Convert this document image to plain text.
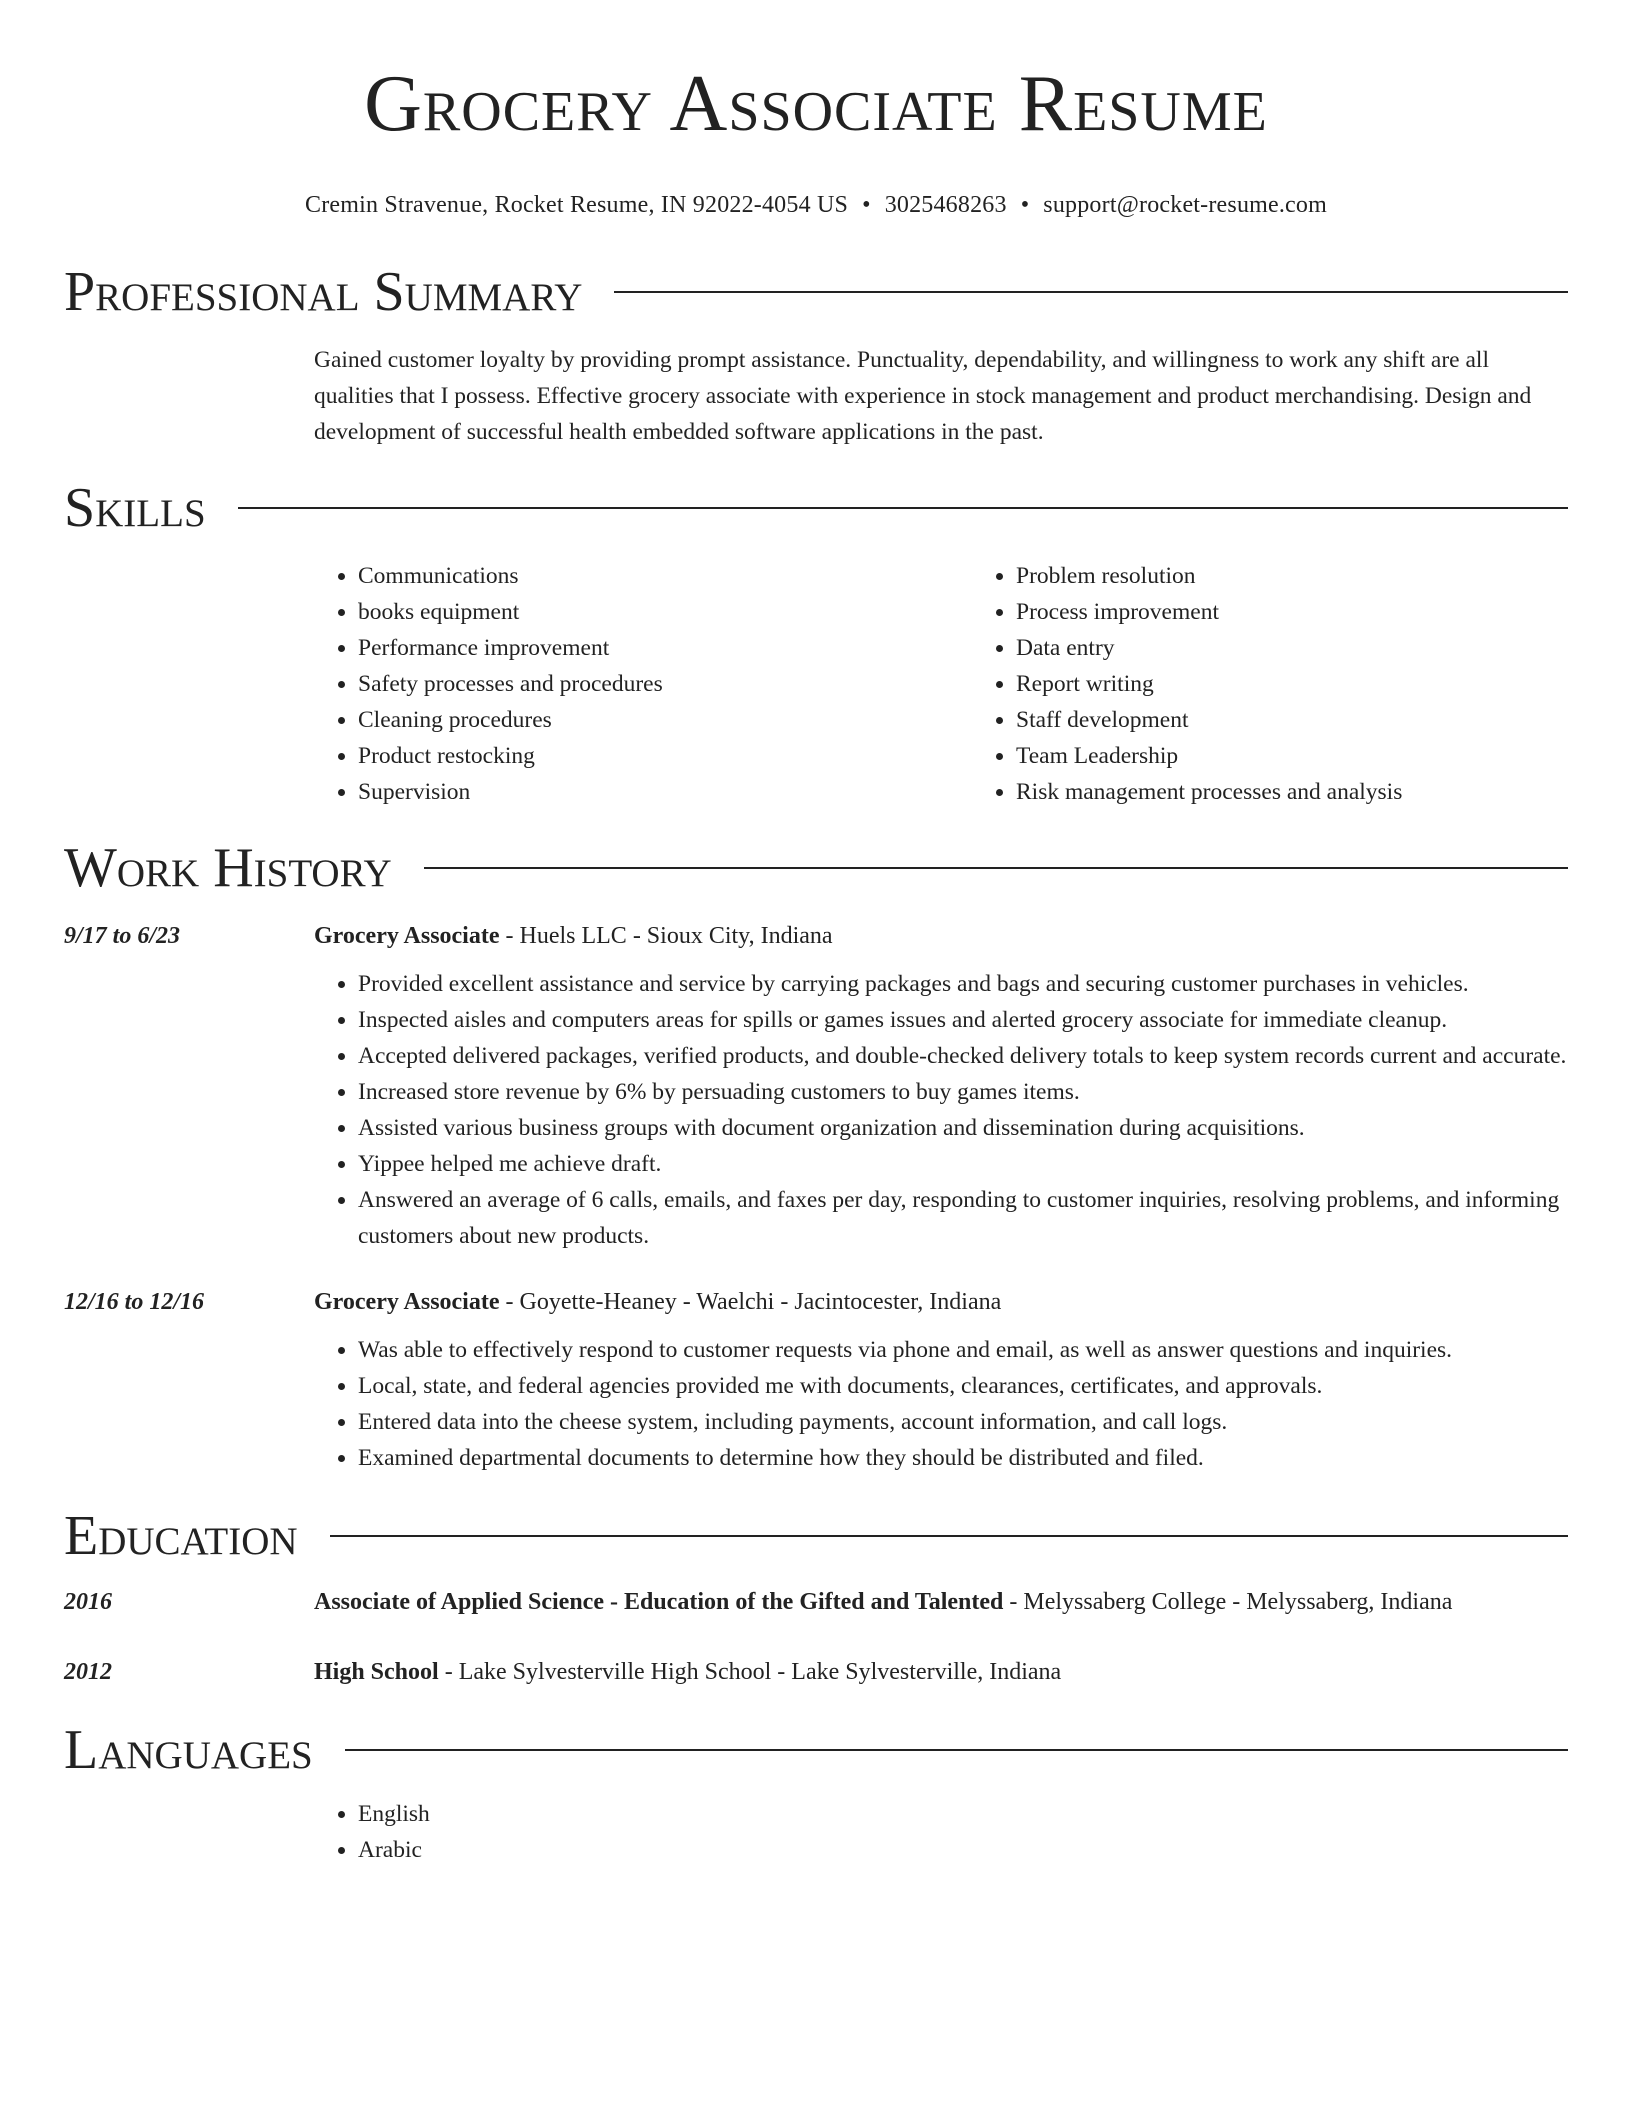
Grocery Associate Resume
Cremin Stravenue, Rocket Resume, IN 92022-4054 US • 3025468263 • support@rocket-resume.com
Professional Summary
Gained customer loyalty by providing prompt assistance. Punctuality, dependability, and willingness to work any shift are all qualities that I possess. Effective grocery associate with experience in stock management and product merchandising. Design and development of successful health embedded software applications in the past.
Skills
• Communications
• books equipment
• Performance improvement
• Safety processes and procedures
• Cleaning procedures
• Product restocking
• Supervision
• Problem resolution
• Process improvement
• Data entry
• Report writing
• Staff development
• Team Leadership
• Risk management processes and analysis
Work History
9/17 to 6/23	Grocery Associate - Huels LLC - Sioux City, Indiana
• Provided excellent assistance and service by carrying packages and bags and securing customer purchases in vehicles.
• Inspected aisles and computers areas for spills or games issues and alerted grocery associate for immediate cleanup.
• Accepted delivered packages, verified products, and double-checked delivery totals to keep system records current and accurate.
• Increased store revenue by 6% by persuading customers to buy games items.
• Assisted various business groups with document organization and dissemination during acquisitions.
• Yippee helped me achieve draft.
• Answered an average of 6 calls, emails, and faxes per day, responding to customer inquiries, resolving problems, and informing customers about new products.
12/16 to 12/16	Grocery Associate - Goyette-Heaney - Waelchi - Jacintocester, Indiana
• Was able to effectively respond to customer requests via phone and email, as well as answer questions and inquiries.
• Local, state, and federal agencies provided me with documents, clearances, certificates, and approvals.
• Entered data into the cheese system, including payments, account information, and call logs.
• Examined departmental documents to determine how they should be distributed and filed.
Education
2016	Associate of Applied Science - Education of the Gifted and Talented - Melyssaberg College - Melyssaberg, Indiana
2012	High School - Lake Sylvesterville High School - Lake Sylvesterville, Indiana
Languages
• English
• Arabic
